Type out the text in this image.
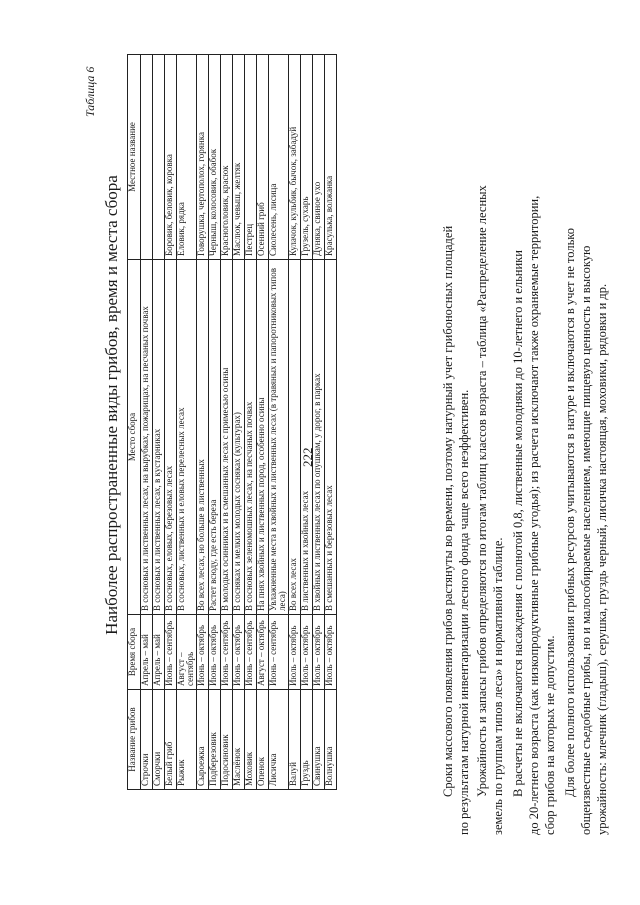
222
Таблица 6
Наиболее распространенные виды грибов, время и места сбора
Название грибов	Время сбора	Место сбора	Местное название
Строчки	Апрель – май	В сосновых и лиственных лесах, на вырубках, пожарищах, на песчаных почвах	
Сморчки	Апрель – май	В сосновых и лиственных лесах, в кустарниках	
Белый гриб	Июнь – сентябрь	В сосновых, еловых, березовых лесах	Боровик, беловик, коровка
Рыжик	Август – сентябрь	В сосновых, лиственных и еловых перелесных лесах	Еловик, рядка
Сыроежка	Июнь – октябрь	Во всех лесах, но больше в лиственных	Говорушка, чертополох, горянка
Подберезовик	Июнь – октябрь	Растет всюду, где есть береза	Черныш, колосовик, обабок
Подосиновик	Июнь – сентябрь	В молодых осинниках и в смешанных лесах с примесью осины	Красноголовик, красюк
Маслёнок	Июнь – октябрь	В сосняках и мелких молодых сосняках (культурах)	Маслюк, чевыш, желтяк
Моховик	Июнь – сентябрь	В сосновых зеленомошных лесах, на песчаных почвах	Пестрец
Опенок	Август – октябрь	На пнях хвойных и лиственных пород, особенно осины	Осенний гриб
Лисичка	Июнь – сентябрь	Увлажненные места в хвойных и лиственных лесах (в травяных и папоротниковых типов леса)	Сиолесень, лисица
Валуй	Июль – октябрь	Во всех лесах	Кулачок, кульбик, бычок, забадуй
Груздь	Июль – октябрь	В лиственных и хвойных лесах	Грузель, сухарь
Свинушка	Июль – октябрь	В хвойных и лиственных лесах по опушкам, у дорог, в парках	Дуняка, свиное ухо
Волнушка	Июль – октябрь	В смешанных и березовых лесах	Красулька, волжанка
Сроки массового появления грибов растянуты во времени, поэтому натурный учет грибоносных площадей по результатам натурной инвентаризации лесного фонда чаще всего неэффективен. Урожайность и запасы грибов определяются по итогам таблиц классов возраста – таблица «Распределение лесных земель по группам типов леса» и нормативной таблице. В расчеты не включаются насаждения с полнотой 0,8, лиственные молодняки до 10-летнего и ельники до 20-летнего возраста (как низкопродуктивные грибные угодья); из расчета исключают также охраняемые территории, сбор грибов на которых не допустим. Для более полного использования грибных ресурсов учитываются в натуре и включаются в учет не только общеизвестные съедобные грибы, но и малособираемые населением, имеющие пищевую ценность и высокую урожайность: млечник (гладыш), серушка, груздь черный, лисичка настоящая, моховики, рядовки и др.
